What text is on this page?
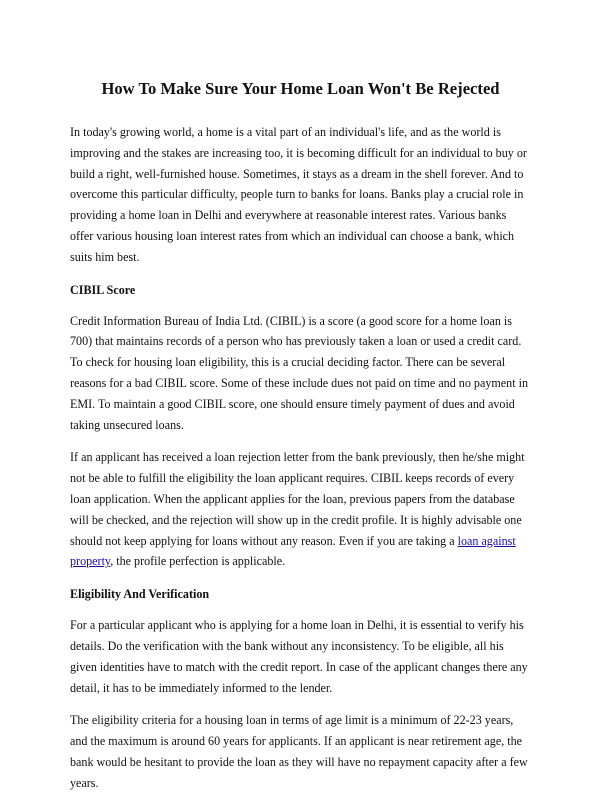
How To Make Sure Your Home Loan Won't Be Rejected

In today's growing world, a home is a vital part of an individual's life, and as the world is improving and the stakes are increasing too, it is becoming difficult for an individual to buy or build a right, well-furnished house. Sometimes, it stays as a dream in the shell forever. And to overcome this particular difficulty, people turn to banks for loans. Banks play a crucial role in providing a home loan in Delhi and everywhere at reasonable interest rates. Various banks offer various housing loan interest rates from which an individual can choose a bank, which suits him best.

CIBIL Score

Credit Information Bureau of India Ltd. (CIBIL) is a score (a good score for a home loan is 700) that maintains records of a person who has previously taken a loan or used a credit card. To check for housing loan eligibility, this is a crucial deciding factor. There can be several reasons for a bad CIBIL score. Some of these include dues not paid on time and no payment in EMI. To maintain a good CIBIL score, one should ensure timely payment of dues and avoid taking unsecured loans.

If an applicant has received a loan rejection letter from the bank previously, then he/she might not be able to fulfill the eligibility the loan applicant requires. CIBIL keeps records of every loan application. When the applicant applies for the loan, previous papers from the database will be checked, and the rejection will show up in the credit profile. It is highly advisable one should not keep applying for loans without any reason. Even if you are taking a loan against property, the profile perfection is applicable.

Eligibility And Verification

For a particular applicant who is applying for a home loan in Delhi, it is essential to verify his details. Do the verification with the bank without any inconsistency. To be eligible, all his given identities have to match with the credit report. In case of the applicant changes there any detail, it has to be immediately informed to the lender.

The eligibility criteria for a housing loan in terms of age limit is a minimum of 22-23 years, and the maximum is around 60 years for applicants. If an applicant is near retirement age, the bank would be hesitant to provide the loan as they will have no repayment capacity after a few years.
